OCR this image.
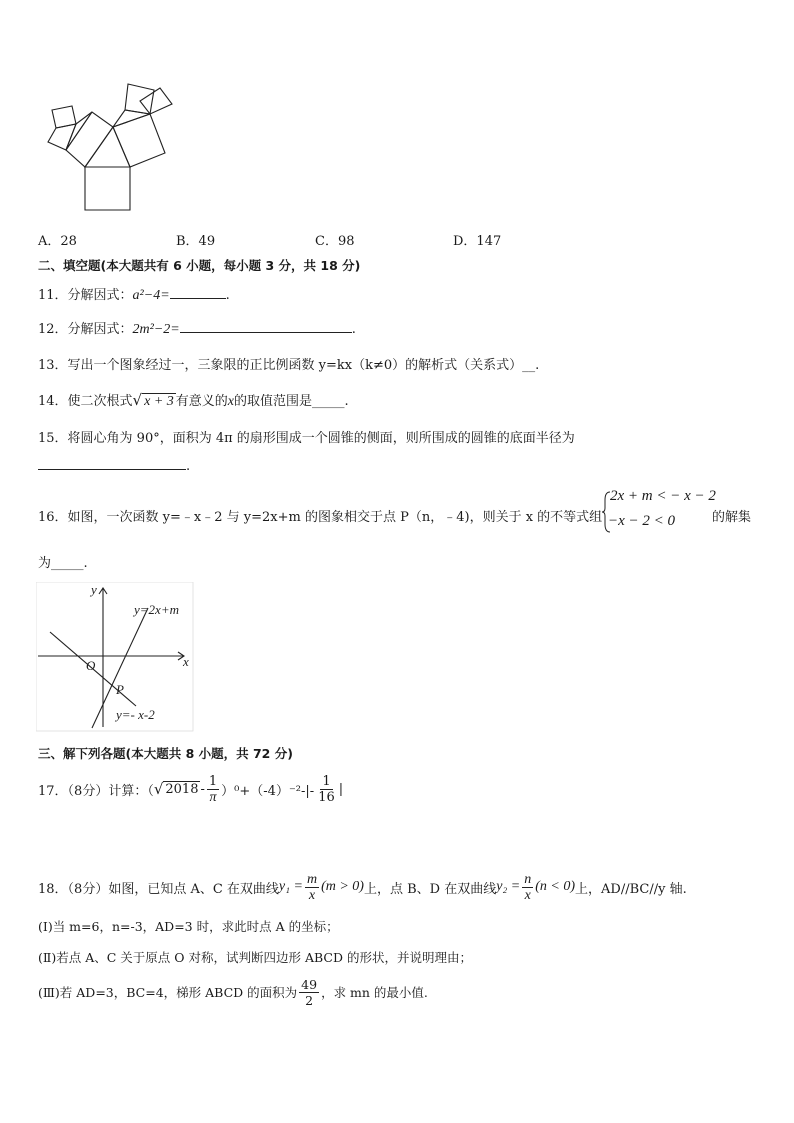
A．28	B．49	C．98	D．147
二、填空题(本大题共有 6 小题，每小题 3 分，共 18 分)
11．分解因式：a²−4=	.
12．分解因式：2m²−2=	.
13．写出一个图象经过一，三象限的正比例函数 y=kx（k≠0）的解析式（关系式）__.
14．使二次根式√ x + 3 有意义的x的取值范围是_____.
15．将圆心角为 90°，面积为 4π 的扇形围成一个圆锥的侧面，则所围成的圆锥的底面半径为
.
16．如图，一次函数 y=﹣x﹣2 与 y=2x+m 的图象相交于点 P（n，﹣4)，则关于 x 的不等式组
2x + m < − x − 2
−x − 2 < 0	的解集
为_____.
y
x
O
P
y=2x+m
y=- x-2
三、解下列各题(本大题共 8 小题，共 72 分)
17．（8分）计算：（ √ $2018 - \frac{1}{\pi} )^0+(-4)^{-2}-|- \frac{1}{16}$ |
18．（8分）如图，已知点 A、C 在双曲线 $y_1 = \frac{m}{x} (m > 0)$ 上，点 B、D 在双曲线 $y_2 = \frac{n}{x} (n < 0)$ 上，AD//BC//y 轴.
(Ⅰ)当 m=6，n=-3，AD=3 时，求此时点 A 的坐标；
(Ⅱ)若点 A、C 关于原点 O 对称，试判断四边形 ABCD 的形状，并说明理由；
(Ⅲ)若 AD=3，BC=4，梯形 ABCD 的面积为 $\frac{49}{2}$ ，求 mn 的最小值.
